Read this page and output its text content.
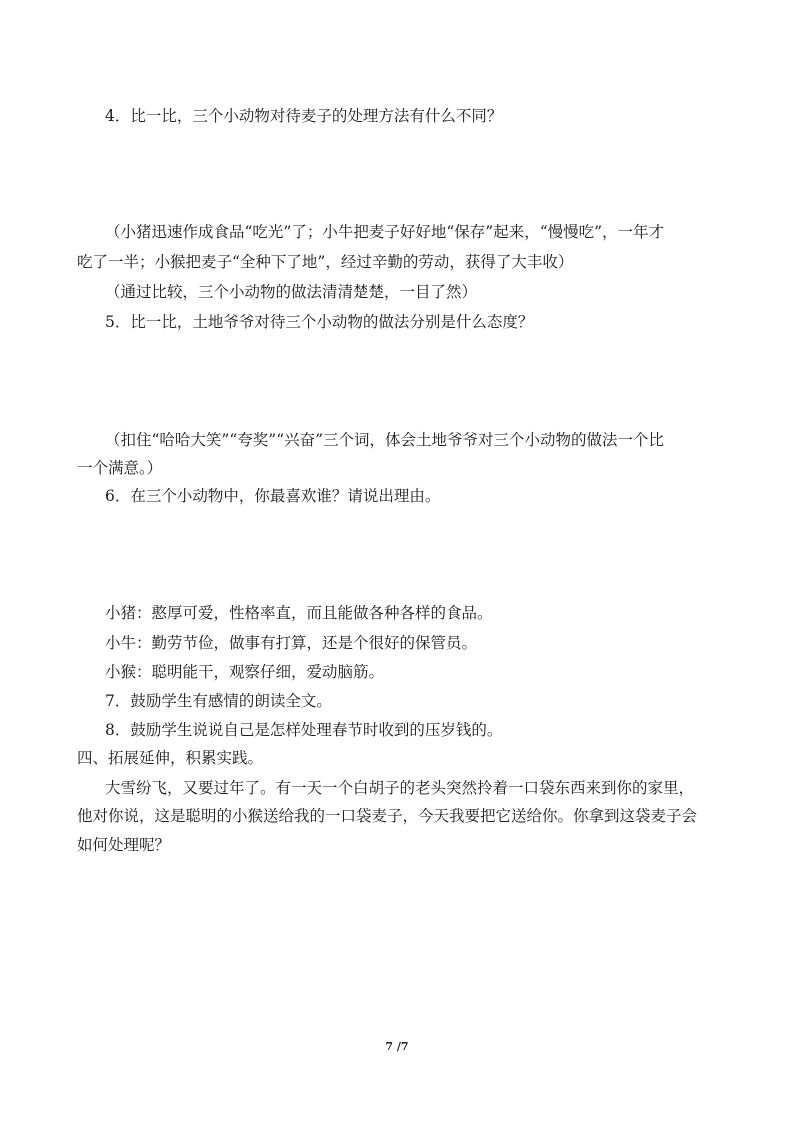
4．比一比，三个小动物对待麦子的处理方法有什么不同？
（小猪迅速作成食品“吃光”了；小牛把麦子好好地“保存”起来，“慢慢吃”，一年才
吃了一半；小猴把麦子“全种下了地”，经过辛勤的劳动，获得了大丰收）
（通过比较，三个小动物的做法清清楚楚，一目了然）
5．比一比，土地爷爷对待三个小动物的做法分别是什么态度？
（扣住“哈哈大笑”“夸奖”“兴奋”三个词，体会土地爷爷对三个小动物的做法一个比
一个满意。）
6．在三个小动物中，你最喜欢谁？请说出理由。
小猪：憨厚可爱，性格率直，而且能做各种各样的食品。
小牛：勤劳节俭，做事有打算，还是个很好的保管员。
小猴：聪明能干，观察仔细，爱动脑筋。
7．鼓励学生有感情的朗读全文。
8．鼓励学生说说自己是怎样处理春节时收到的压岁钱的。
四、拓展延伸，积累实践。
大雪纷飞，又要过年了。有一天一个白胡子的老头突然拎着一口袋东西来到你的家里，
他对你说，这是聪明的小猴送给我的一口袋麦子，今天我要把它送给你。你拿到这袋麦子会
如何处理呢？
7 /7
